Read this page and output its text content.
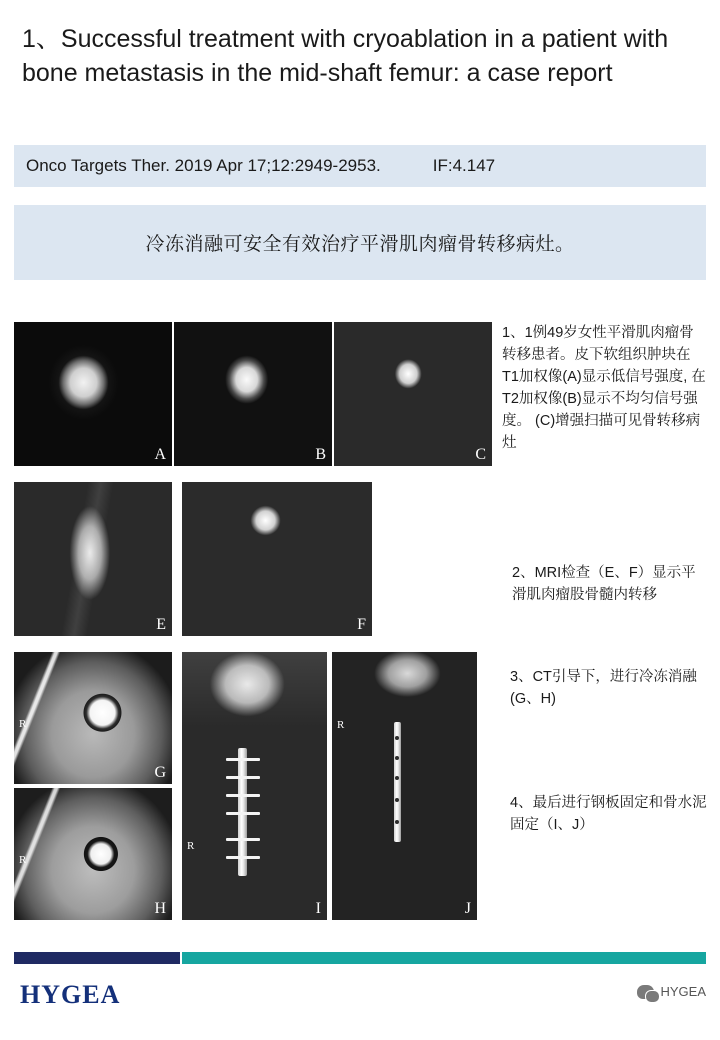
1、Successful treatment with cryoablation in a patient with bone metastasis in the mid-shaft femur: a case report
Onco Targets Ther. 2019 Apr 17;12:2949-2953.	IF:4.147
冷冻消融可安全有效治疗平滑肌肉瘤骨转移病灶。
A	B	C
E	F
R
G
R
H
R
I
R
J
1、1例49岁女性平滑肌肉瘤骨转移患者。皮下软组织肿块在T1加权像(A)显示低信号强度, 在T2加权像(B)显示不均匀信号强度。 (C)增强扫描可见骨转移病灶
2、MRI检查（E、F）显示平滑肌肉瘤股骨髓内转移
3、CT引导下，进行冷冻消融 (G、H)
4、最后进行钢板固定和骨水泥固定（I、J）
HYGEA	HYGEA
